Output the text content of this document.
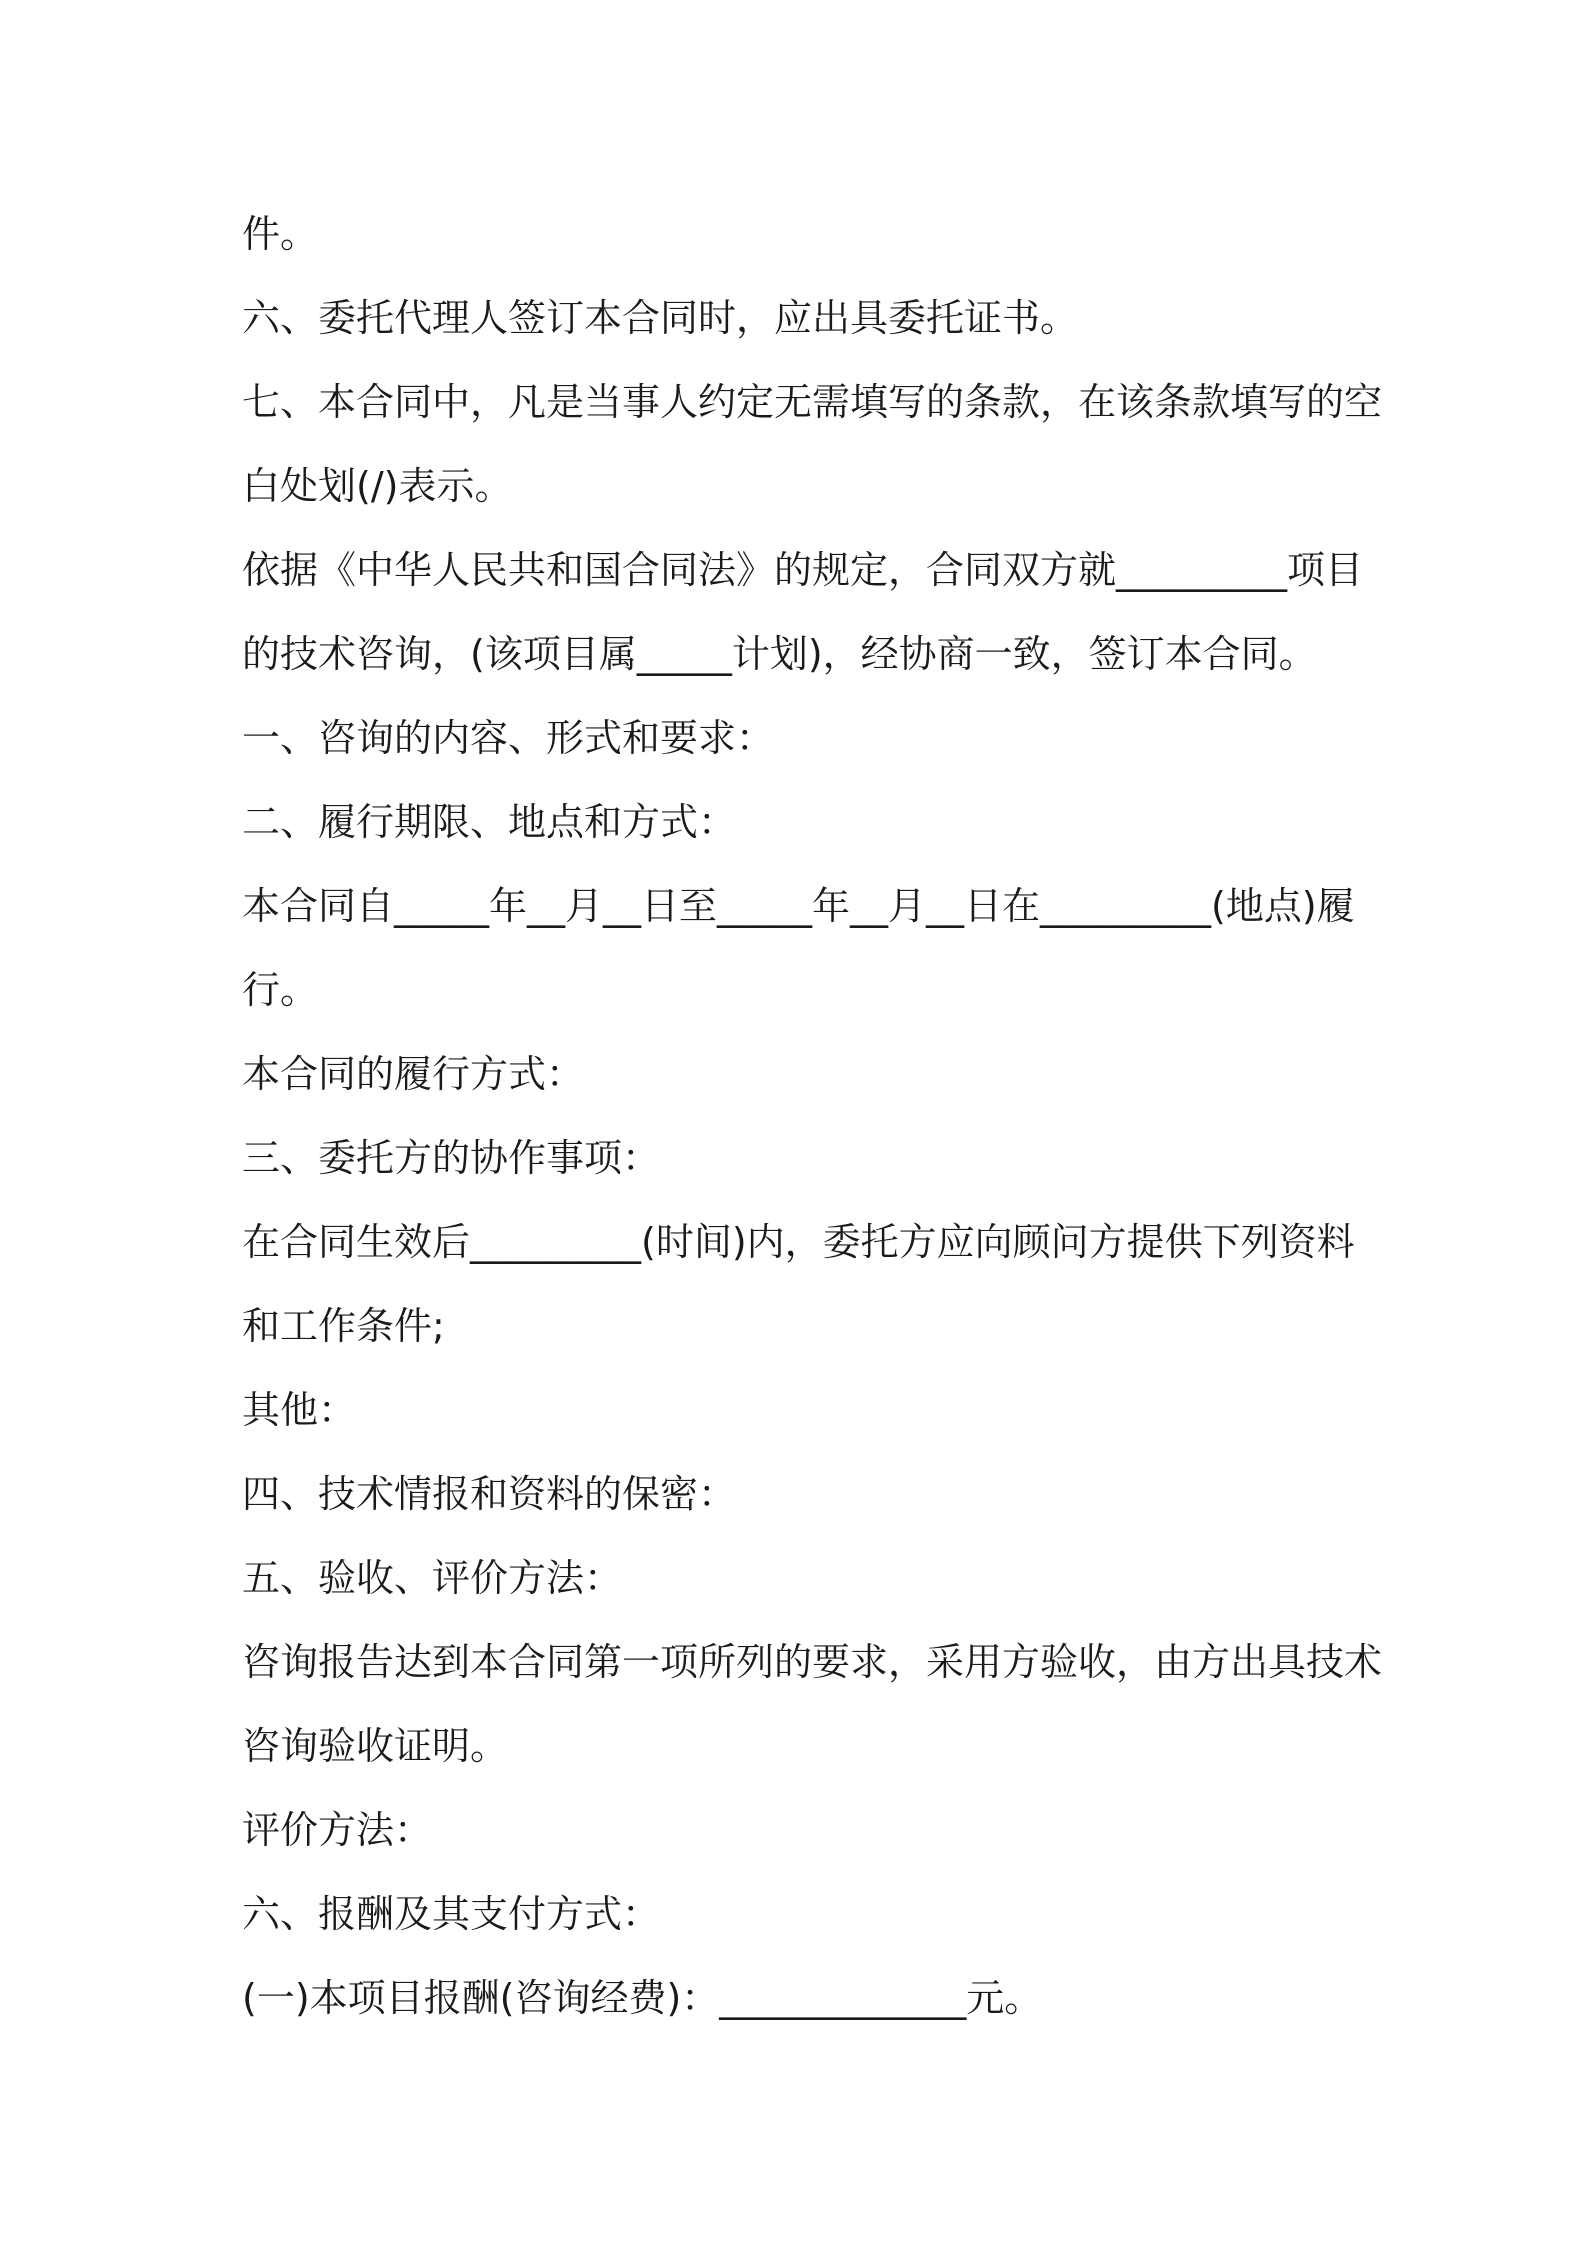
件。
六、委托代理人签订本合同时，应出具委托证书。
七、本合同中，凡是当事人约定无需填写的条款，在该条款填写的空
白处划(/)表示。
依据《中华人民共和国合同法》的规定，合同双方就_________项目
的技术咨询，(该项目属_____计划)，经协商一致，签订本合同。
一、咨询的内容、形式和要求：
二、履行期限、地点和方式：
本合同自_____年__月__日至_____年__月__日在_________(地点)履
行。
本合同的履行方式：
三、委托方的协作事项：
在合同生效后_________(时间)内，委托方应向顾问方提供下列资料
和工作条件;
其他：
四、技术情报和资料的保密：
五、验收、评价方法：
咨询报告达到本合同第一项所列的要求，采用方验收，由方出具技术
咨询验收证明。
评价方法：
六、报酬及其支付方式：
(一)本项目报酬(咨询经费)：_____________元。
